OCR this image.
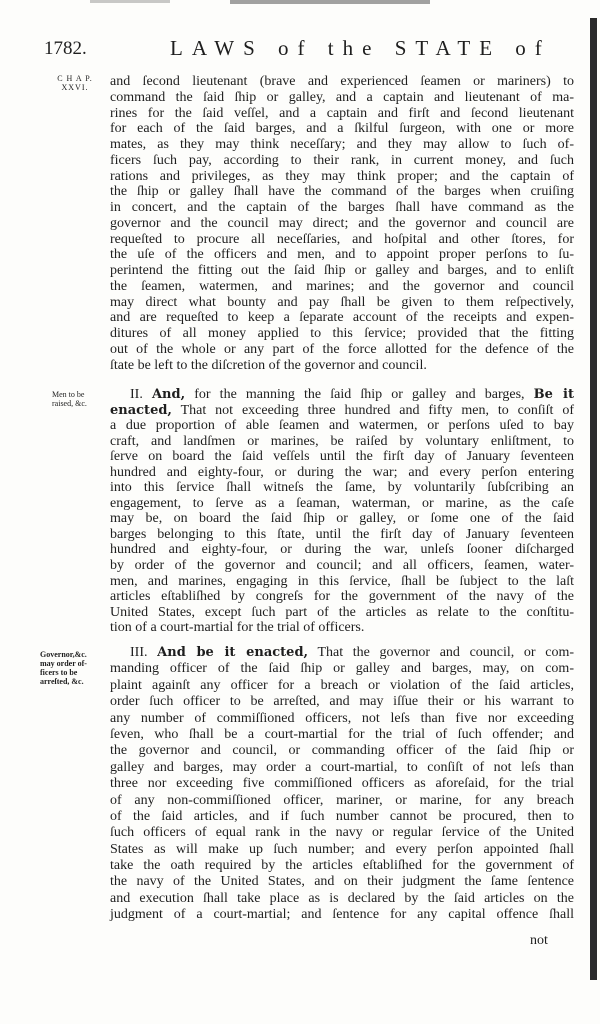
1782.	LAWS of the STATE of
C H A P.
XXVI.
Men to be
raised, &c.
Governor,&c.
may order of-
ficers to be
arreſted, &c.
and ſecond lieutenant (brave and experienced ſeamen or mariners) to
command the ſaid ſhip or galley, and a captain and lieutenant of ma-
rines for the ſaid veſſel, and a captain and firſt and ſecond lieutenant
for each of the ſaid barges, and a ſkilful ſurgeon, with one or more
mates, as they may think neceſſary; and they may allow to ſuch of-
ficers ſuch pay, according to their rank, in current money, and ſuch
rations and privileges, as they may think proper; and the captain of
the ſhip or galley ſhall have the command of the barges when cruiſing
in concert, and the captain of the barges ſhall have command as the
governor and the council may direct; and the governor and council are
requeſted to procure all neceſſaries, and hoſpital and other ſtores, for
the uſe of the officers and men, and to appoint proper perſons to ſu-
perintend the fitting out the ſaid ſhip or galley and barges, and to enliſt
the ſeamen, watermen, and marines; and the governor and council
may direct what bounty and pay ſhall be given to them reſpectively,
and are requeſted to keep a ſeparate account of the receipts and expen-
ditures of all money applied to this ſervice; provided that the fitting
out of the whole or any part of the force allotted for the defence of the
ſtate be left to the diſcretion of the governor and council.
II. And, for the manning the ſaid ſhip or galley and barges, Be it
enacted, That not exceeding three hundred and fifty men, to conſiſt of
a due proportion of able ſeamen and watermen, or perſons uſed to bay
craft, and landſmen or marines, be raiſed by voluntary enliſtment, to
ſerve on board the ſaid veſſels until the firſt day of January ſeventeen
hundred and eighty-four, or during the war; and every perſon entering
into this ſervice ſhall witneſs the ſame, by voluntarily ſubſcribing an
engagement, to ſerve as a ſeaman, waterman, or marine, as the caſe
may be, on board the ſaid ſhip or galley, or ſome one of the ſaid
barges belonging to this ſtate, until the firſt day of January ſeventeen
hundred and eighty-four, or during the war, unleſs ſooner diſcharged
by order of the governor and council; and all officers, ſeamen, water-
men, and marines, engaging in this ſervice, ſhall be ſubject to the laſt
articles eſtabliſhed by congreſs for the government of the navy of the
United States, except ſuch part of the articles as relate to the conſtitu-
tion of a court-martial for the trial of officers.
III. And be it enacted, That the governor and council, or com-
manding officer of the ſaid ſhip or galley and barges, may, on com-
plaint againſt any officer for a breach or violation of the ſaid articles,
order ſuch officer to be arreſted, and may iſſue their or his warrant to
any number of commiſſioned officers, not leſs than five nor exceeding
ſeven, who ſhall be a court-martial for the trial of ſuch offender; and
the governor and council, or commanding officer of the ſaid ſhip or
galley and barges, may order a court-martial, to conſiſt of not leſs than
three nor exceeding five commiſſioned officers as aforeſaid, for the trial
of any non-commiſſioned officer, mariner, or marine, for any breach
of the ſaid articles, and if ſuch number cannot be procured, then to
ſuch officers of equal rank in the navy or regular ſervice of the United
States as will make up ſuch number; and every perſon appointed ſhall
take the oath required by the articles eſtabliſhed for the government of
the navy of the United States, and on their judgment the ſame ſentence
and execution ſhall take place as is declared by the ſaid articles on the
judgment of a court-martial; and ſentence for any capital offence ſhall
not
